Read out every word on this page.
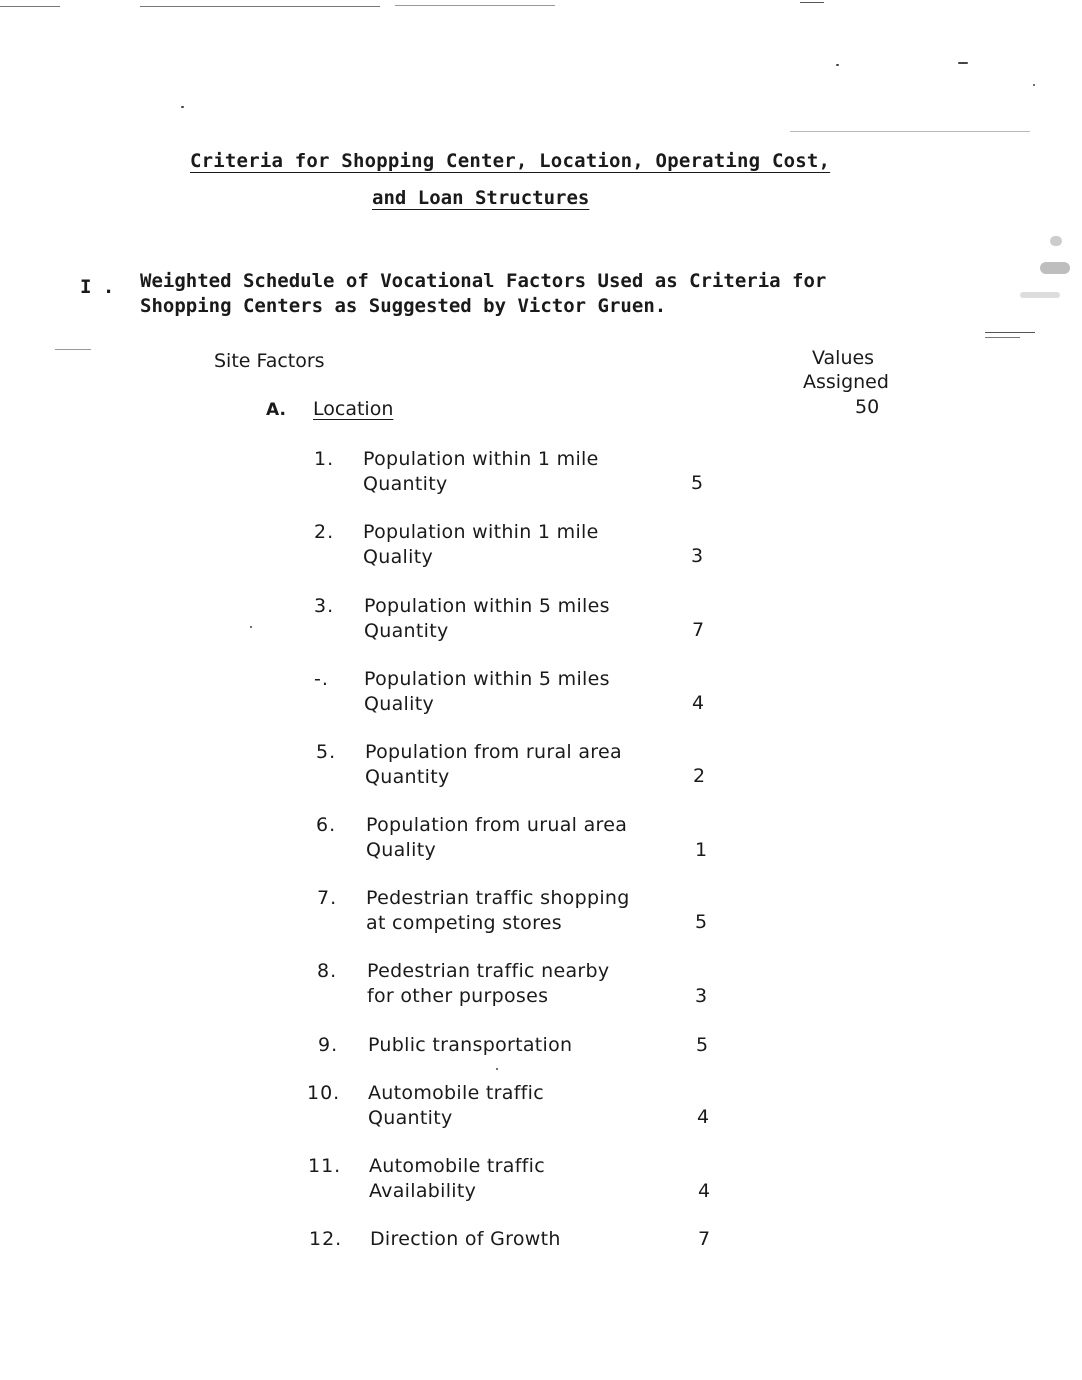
Criteria for Shopping Center, Location, Operating Cost,
and Loan Structures
I . Weighted Schedule of Vocational Factors Used as Criteria for
Shopping Centers as Suggested by Victor Gruen.
Site Factors	Values
Assigned
50
A. Location
1. Population within 1 mile
Quantity	5
2. Population within 1 mile
Quality	3
3. Population within 5 miles
Quantity	7
-. Population within 5 miles
Quality	4
5. Population from rural area
Quantity	2
6. Population from urual area
Quality	1
7. Pedestrian traffic shopping
at competing stores	5
8. Pedestrian traffic nearby
for other purposes	3
9. Public transportation	5
10. Automobile traffic
Quantity	4
11. Automobile traffic
Availability	4
12. Direction of Growth	7
